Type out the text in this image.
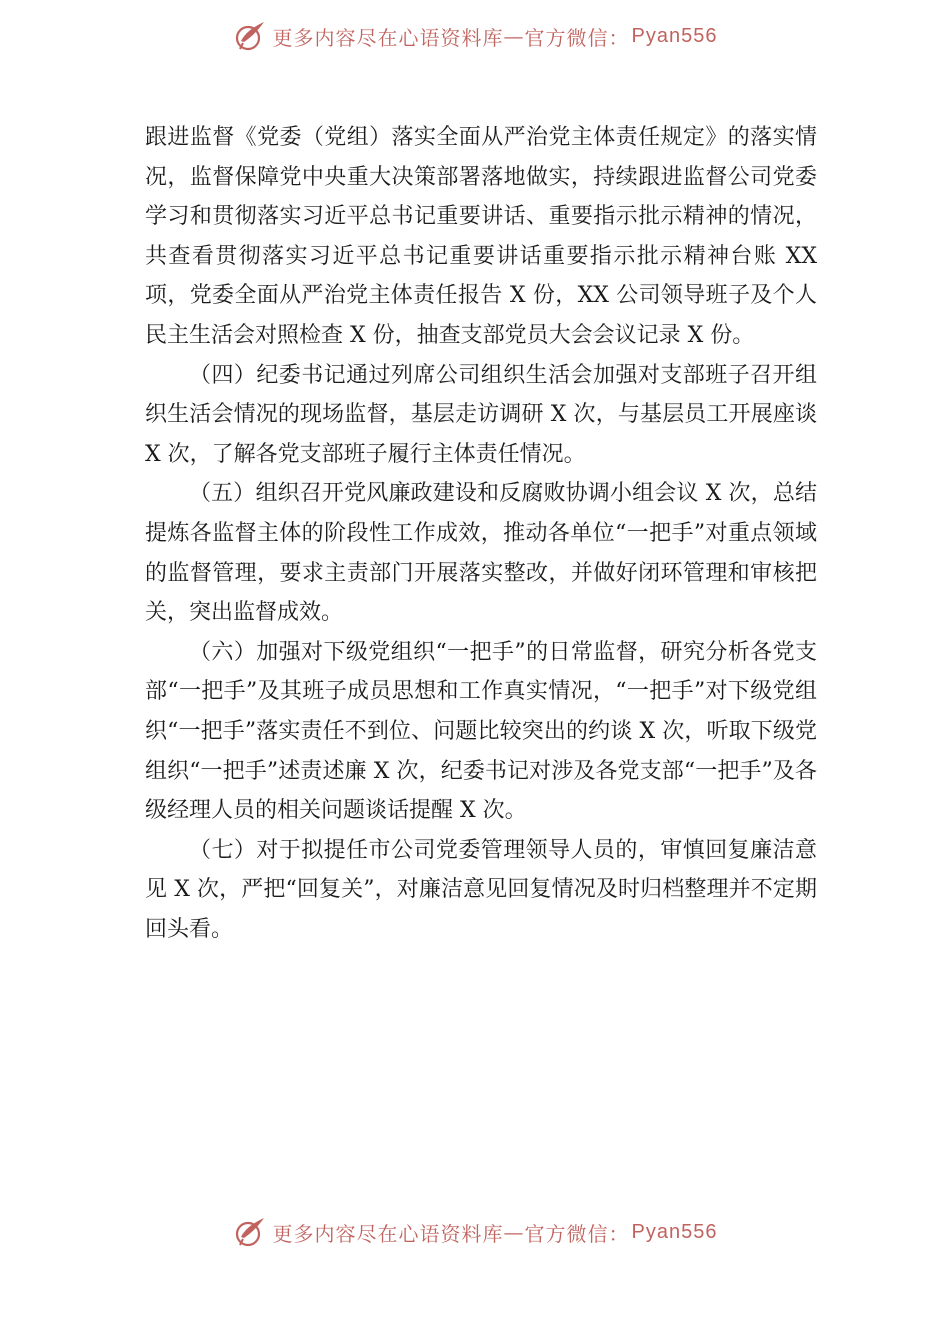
更多内容尽在心语资料库 — 官方微信： Pyan556

跟进监督《党委（党组）落实全面从严治党主体责任规定》的落实情况，监督保障党中央重大决策部署落地做实，持续跟进监督公司党委学习和贯彻落实习近平总书记重要讲话、重要指示批示精神的情况，共查看贯彻落实习近平总书记重要讲话重要指示批示精神台账 XX 项，党委全面从严治党主体责任报告 X 份，XX 公司领导班子及个人民主生活会对照检查 X 份，抽查支部党员大会会议记录 X 份。

（四）纪委书记通过列席公司组织生活会加强对支部班子召开组织生活会情况的现场监督，基层走访调研 X 次，与基层员工开展座谈 X 次，了解各党支部班子履行主体责任情况。

（五）组织召开党风廉政建设和反腐败协调小组会议 X 次，总结提炼各监督主体的阶段性工作成效，推动各单位“一把手”对重点领域的监督管理，要求主责部门开展落实整改，并做好闭环管理和审核把关，突出监督成效。

（六）加强对下级党组织“一把手”的日常监督，研究分析各党支部“一把手”及其班子成员思想和工作真实情况，“一把手”对下级党组织“一把手”落实责任不到位、问题比较突出的约谈 X 次，听取下级党组织“一把手”述责述廉 X 次，纪委书记对涉及各党支部“一把手”及各级经理人员的相关问题谈话提醒 X 次。

（七）对于拟提任市公司党委管理领导人员的，审慎回复廉洁意见 X 次，严把“回复关”，对廉洁意见回复情况及时归档整理并不定期回头看。

更多内容尽在心语资料库 — 官方微信： Pyan556
